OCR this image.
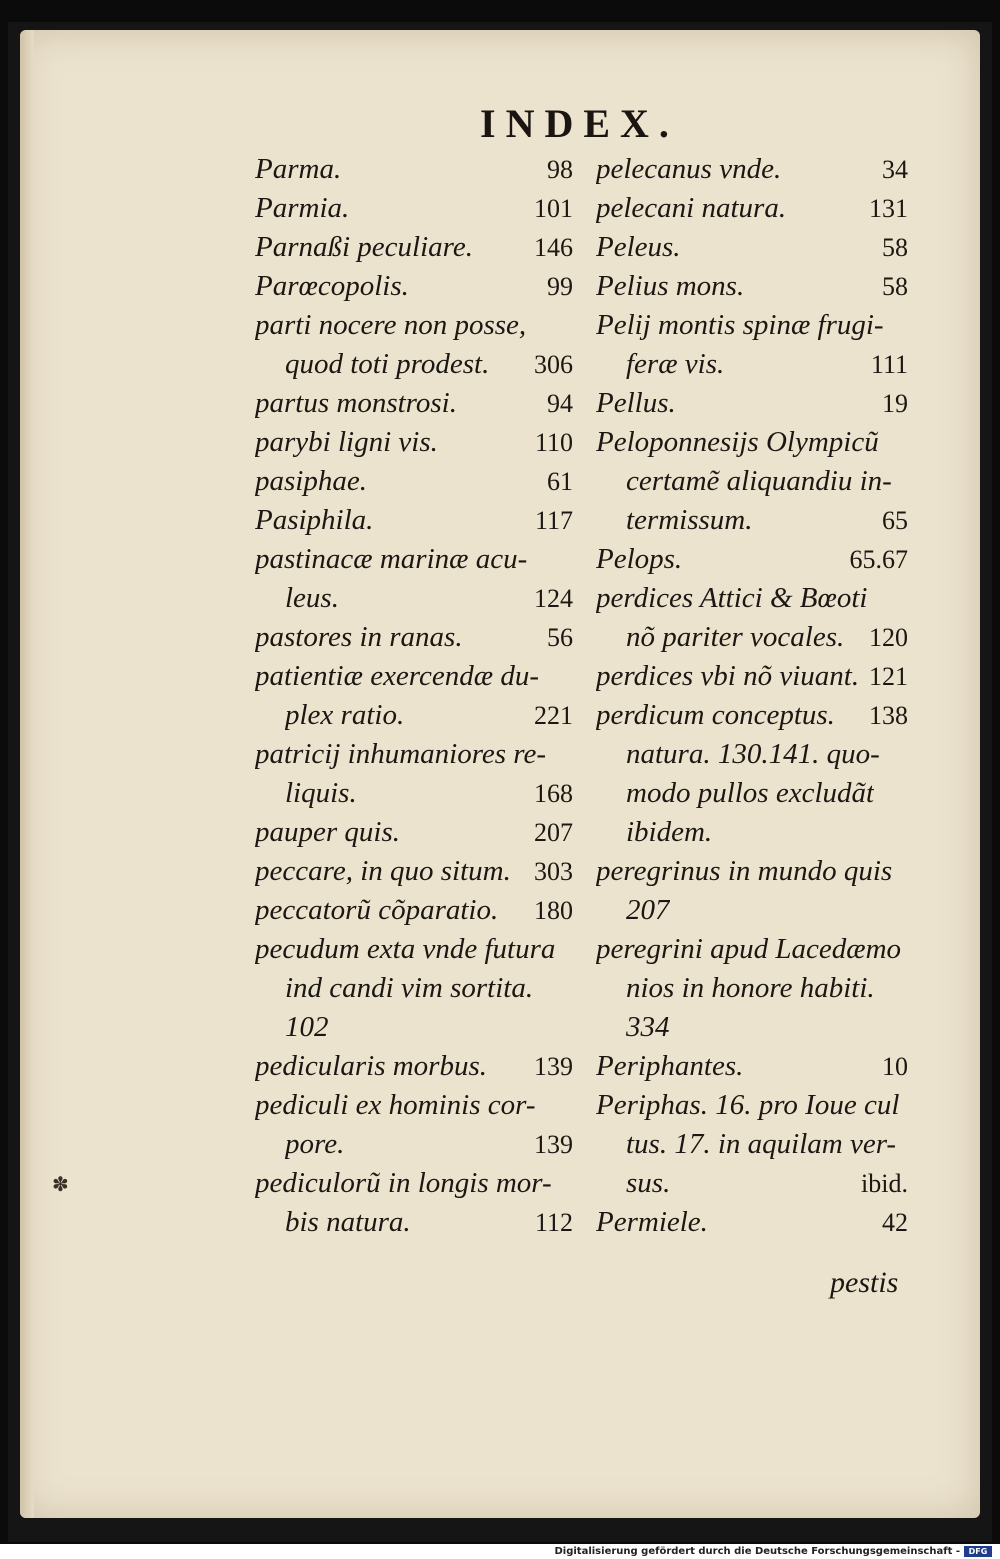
INDEX.
Parma.	98
Parmia.	101
Parnaßi peculiare. 146
Parœcopolis.	99
parti nocere non posse,
quod toti prodest. 306
partus monstrosi.	94
parybi ligni vis.	110
pasiphae.	61
Pasiphila.	117
pastinacæ marinæ acu-
leus.	124
pastores in ranas.	56
patientiæ exercendæ du-
plex ratio.	221
patricij inhumaniores re-
liquis.	168
pauper quis.	207
peccare, in quo situm. 303
peccatorũ cõparatio. 180
pecudum exta vnde futura
ind candi vim sortita.
102
pedicularis morbus. 139
pediculi ex hominis cor-
pore.	139
pediculorũ in longis mor-
bis natura.	112
pelecanus vnde.	34
pelecani natura.	131
Peleus.	58
Pelius mons.	58
Pelij montis spinæ frugi-
feræ vis.	111
Pellus.	19
Peloponnesijs Olympicũ
certamẽ aliquandiu in-
termissum.	65
Pelops.	65.67
perdices Attici & Bœoti
nõ pariter vocales. 120
perdices vbi nõ viuant. 121
perdicum conceptus. 138
natura. 130.141. quo-
modo pullos excludãt
ibidem.
peregrinus in mundo quis
207
peregrini apud Lacedæmo
nios in honore habiti.
334
Periphantes.	10
Periphas. 16. pro Ioue cul
tus. 17. in aquilam ver-
sus.	ibid.
Permiele.	42
✽
pestis
Digitalisierung gefördert durch die Deutsche Forschungsgemeinschaft -	DFG
